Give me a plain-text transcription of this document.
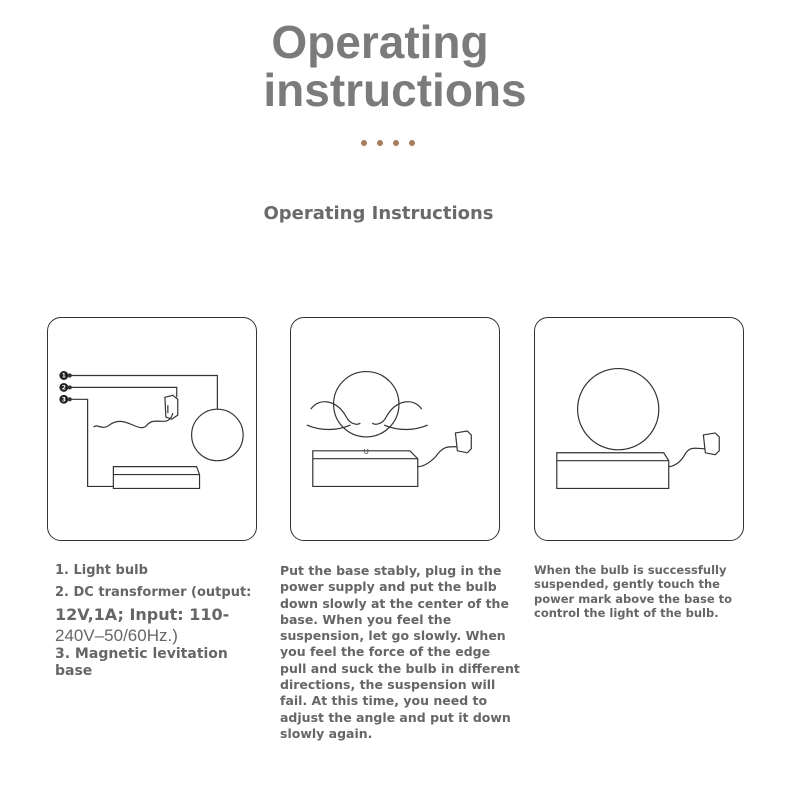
Operating
instructions
Operating Instructions
1
2
3
U
1. Light bulb
2. DC transformer (output:
12V,1A; Input: 110-
240V–50/60Hz.)
3. Magnetic levitation base

Put the base stably, plug in the power supply and put the bulb down slowly at the center of the base. When you feel the suspension, let go slowly. When you feel the force of the edge pull and suck the bulb in different directions, the suspension will fail. At this time, you need to adjust the angle and put it down slowly again.

When the bulb is successfully suspended, gently touch the power mark above the base to control the light of the bulb.
